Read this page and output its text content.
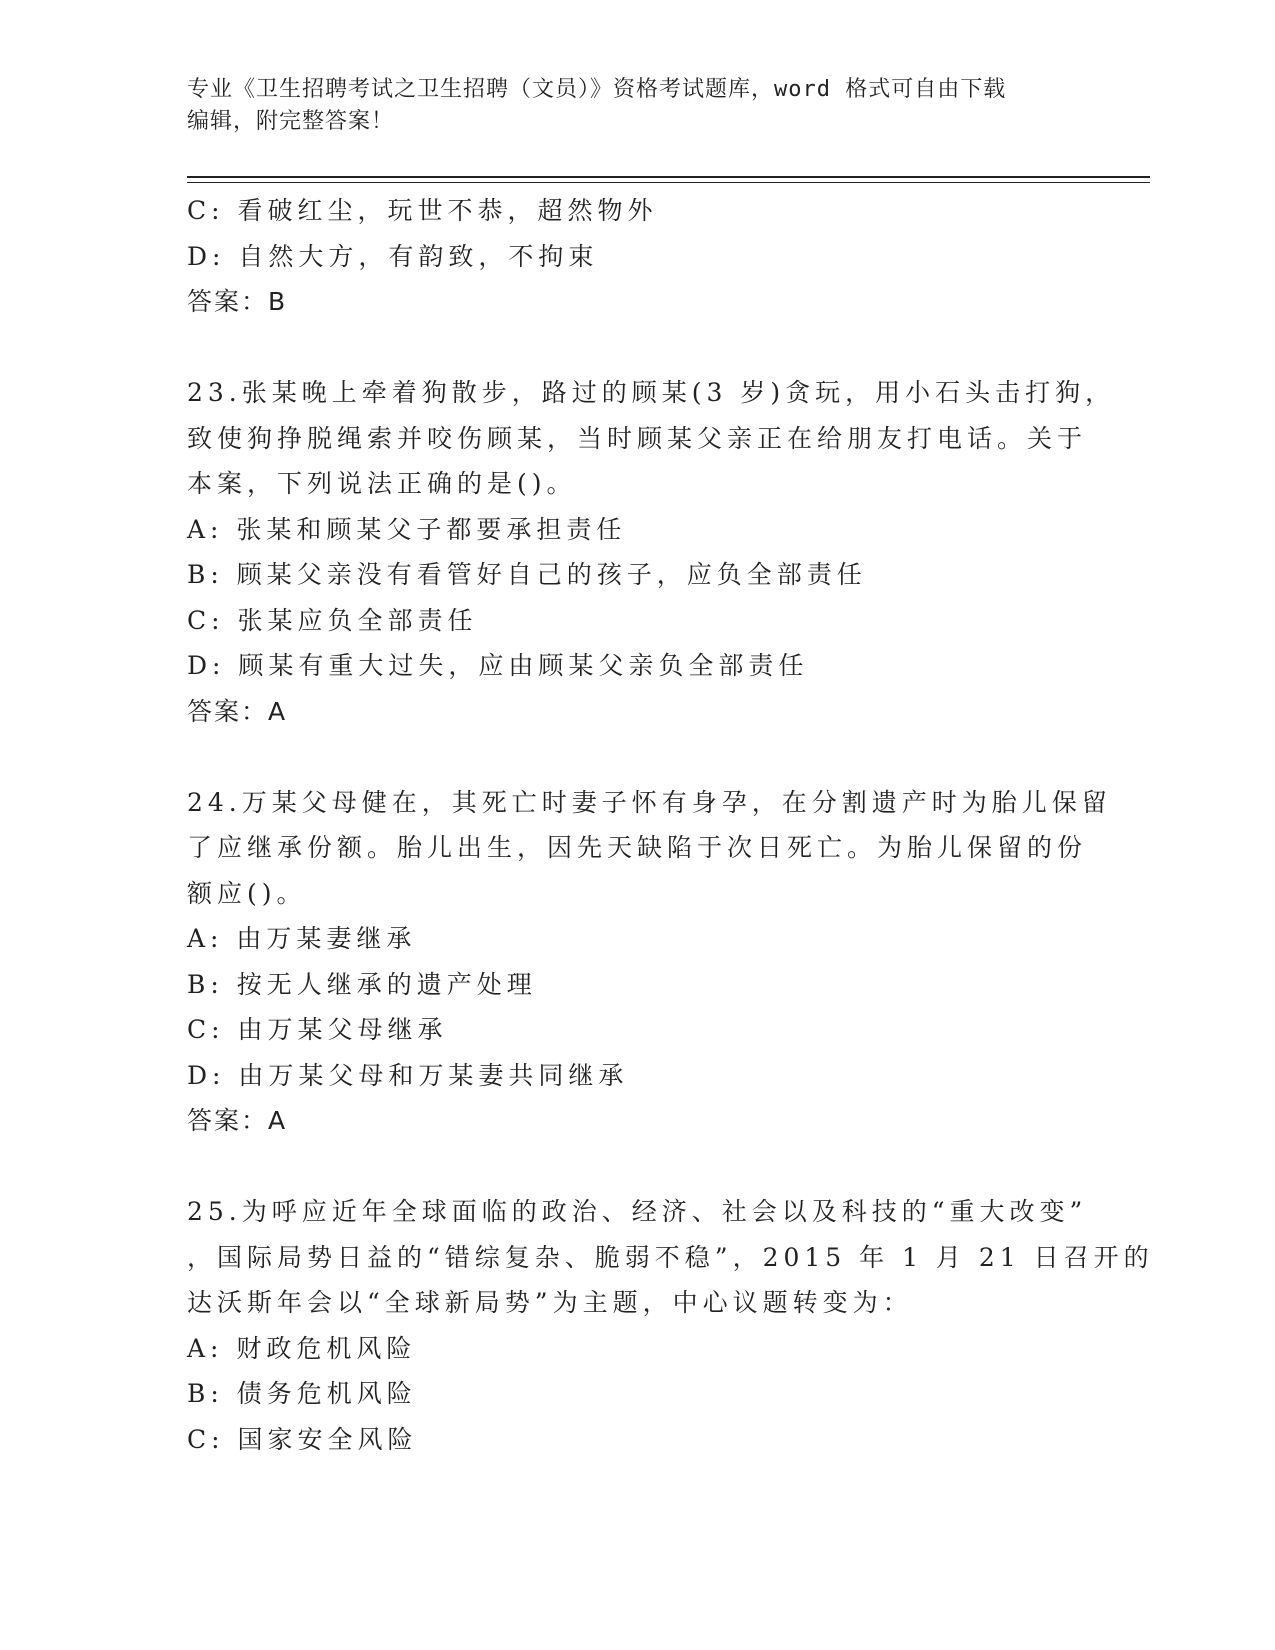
专业《卫生招聘考试之卫生招聘（文员）》资格考试题库，word 格式可自由下载
编辑，附完整答案！

C: 看破红尘，玩世不恭，超然物外

D: 自然大方，有韵致，不拘束

答案：B

23.张某晚上牵着狗散步，路过的顾某(3 岁)贪玩，用小石头击打狗，

致使狗挣脱绳索并咬伤顾某，当时顾某父亲正在给朋友打电话。关于

本案，下列说法正确的是()。

A: 张某和顾某父子都要承担责任

B: 顾某父亲没有看管好自己的孩子，应负全部责任

C: 张某应负全部责任

D: 顾某有重大过失，应由顾某父亲负全部责任

答案：A

24.万某父母健在，其死亡时妻子怀有身孕，在分割遗产时为胎儿保留

了应继承份额。胎儿出生，因先天缺陷于次日死亡。为胎儿保留的份

额应()。

A: 由万某妻继承

B: 按无人继承的遗产处理

C: 由万某父母继承

D: 由万某父母和万某妻共同继承

答案：A

25.为呼应近年全球面临的政治、经济、社会以及科技的“重大改变”

，国际局势日益的“错综复杂、脆弱不稳”，2015 年 1 月 21 日召开的

达沃斯年会以“全球新局势”为主题，中心议题转变为：

A: 财政危机风险

B: 债务危机风险

C: 国家安全风险
